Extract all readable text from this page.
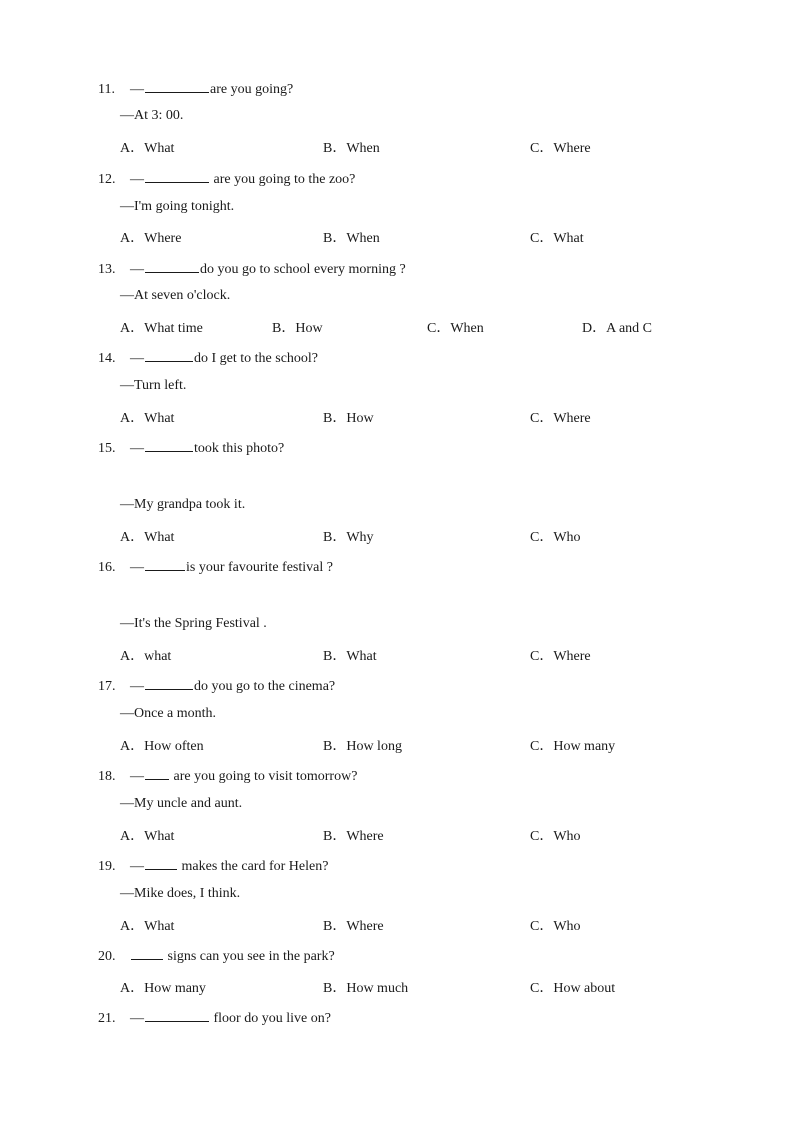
11. —	are you going?
—At 3: 00.
A．What	B．When	C．Where
12. —	are you going to the zoo?
—I'm going tonight.
A．Where	B．When	C．What
13. —	do you go to school every morning ?
—At seven o'clock.
A．What time	B．How	C．When	D．A and C
14. —	do I get to the school?
—Turn left.
A．What	B．How	C．Where
15. —	took this photo?
—My grandpa took it.
A．What	B．Why	C．Who
16. —	is your favourite festival ?
—It's the Spring Festival .
A．what	B．What	C．Where
17. —	do you go to the cinema?
—Once a month.
A．How often	B．How long	C．How many
18. — are you going to visit tomorrow?
—My uncle and aunt.
A．What	B．Where	C．Who
19. — makes the card for Helen?
—Mike does, I think.
A．What	B．Where	C．Who
20.	signs can you see in the park?
A．How many	B．How much	C．How about
21. —	floor do you live on?
